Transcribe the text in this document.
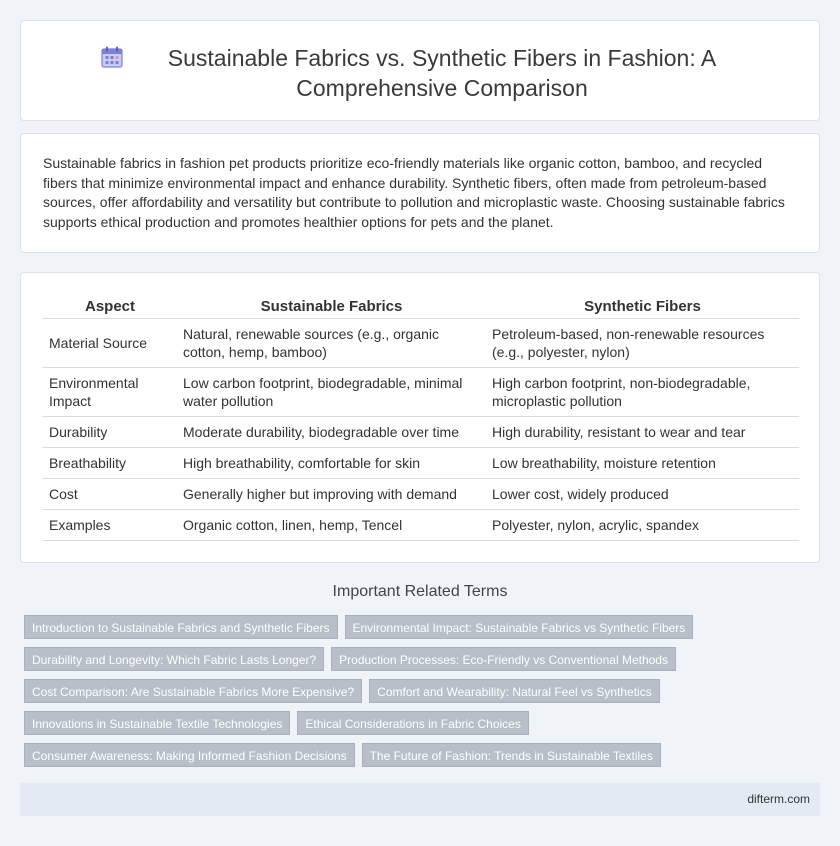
Sustainable Fabrics vs. Synthetic Fibers in Fashion: A Comprehensive Comparison

Sustainable fabrics in fashion pet products prioritize eco-friendly materials like organic cotton, bamboo, and recycled fibers that minimize environmental impact and enhance durability. Synthetic fibers, often made from petroleum-based sources, offer affordability and versatility but contribute to pollution and microplastic waste. Choosing sustainable fabrics supports ethical production and promotes healthier options for pets and the planet.

Aspect	Sustainable Fabrics	Synthetic Fibers
Material Source	Natural, renewable sources (e.g., organic cotton, hemp, bamboo)	Petroleum-based, non-renewable resources (e.g., polyester, nylon)
Environmental Impact	Low carbon footprint, biodegradable, minimal water pollution	High carbon footprint, non-biodegradable, microplastic pollution
Durability	Moderate durability, biodegradable over time	High durability, resistant to wear and tear
Breathability	High breathability, comfortable for skin	Low breathability, moisture retention
Cost	Generally higher but improving with demand	Lower cost, widely produced
Examples	Organic cotton, linen, hemp, Tencel	Polyester, nylon, acrylic, spandex
Important Related Terms
Introduction to Sustainable Fabrics and Synthetic Fibers	Environmental Impact: Sustainable Fabrics vs Synthetic Fibers
Durability and Longevity: Which Fabric Lasts Longer?	Production Processes: Eco-Friendly vs Conventional Methods
Cost Comparison: Are Sustainable Fabrics More Expensive?	Comfort and Wearability: Natural Feel vs Synthetics
Innovations in Sustainable Textile Technologies	Ethical Considerations in Fabric Choices
Consumer Awareness: Making Informed Fashion Decisions	The Future of Fashion: Trends in Sustainable Textiles
difterm.com
